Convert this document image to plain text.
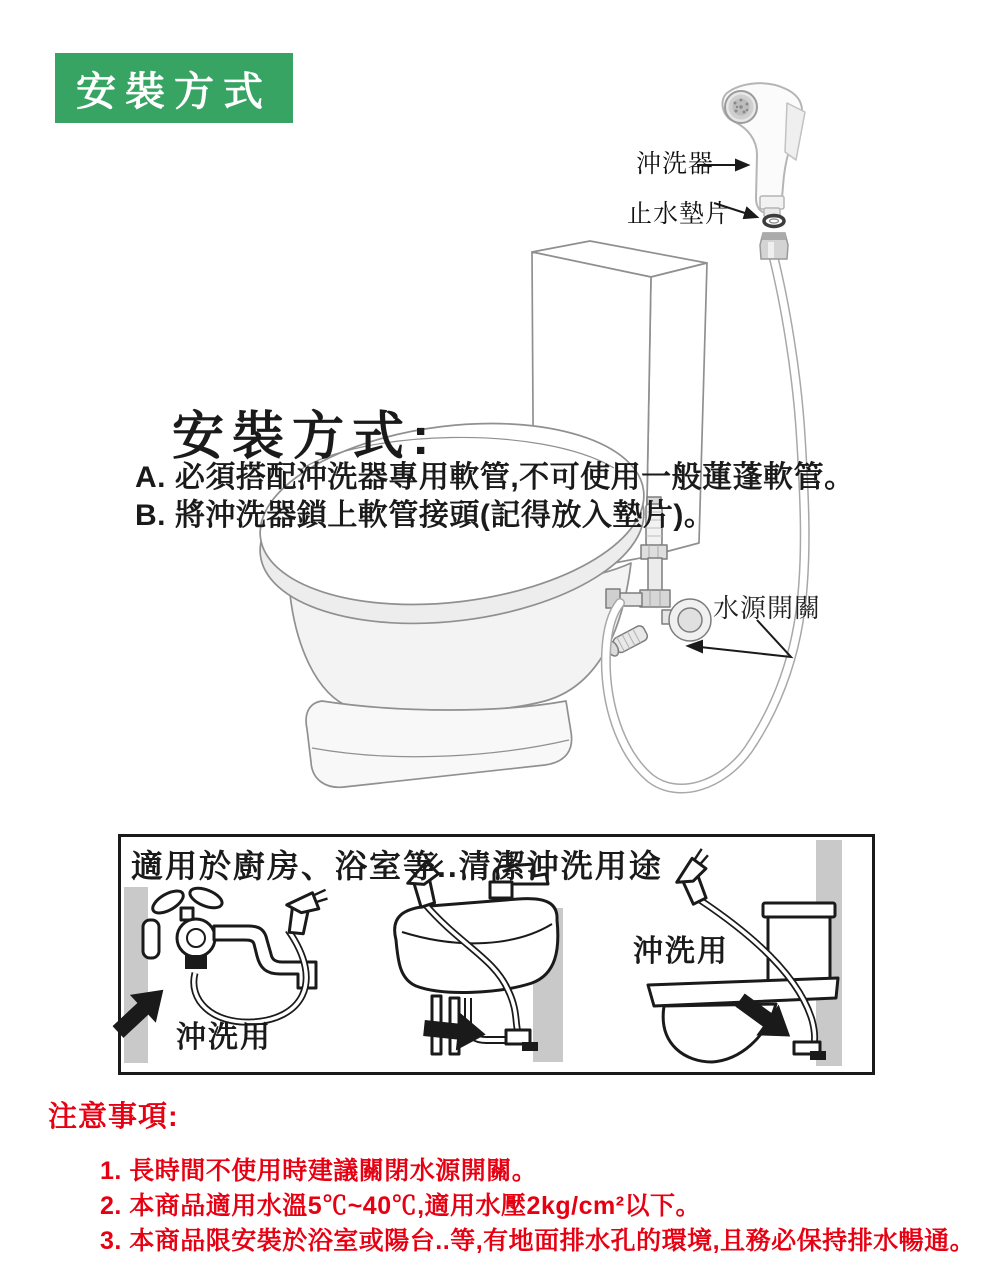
安裝方式
沖洗器
止水墊片
水源開關
安裝方式:
A. 必須搭配沖洗器專用軟管,不可使用一般蓮蓬軟管。
B. 將沖洗器鎖上軟管接頭(記得放入墊片)。
適用於廚房、浴室等..清潔沖洗用途
沖洗用
沖洗用
注意事項:
1. 長時間不使用時建議關閉水源開關。
2. 本商品適用水溫5℃~40℃,適用水壓2kg/cm²以下。
3. 本商品限安裝於浴室或陽台..等,有地面排水孔的環境,且務必保持排水暢通。
